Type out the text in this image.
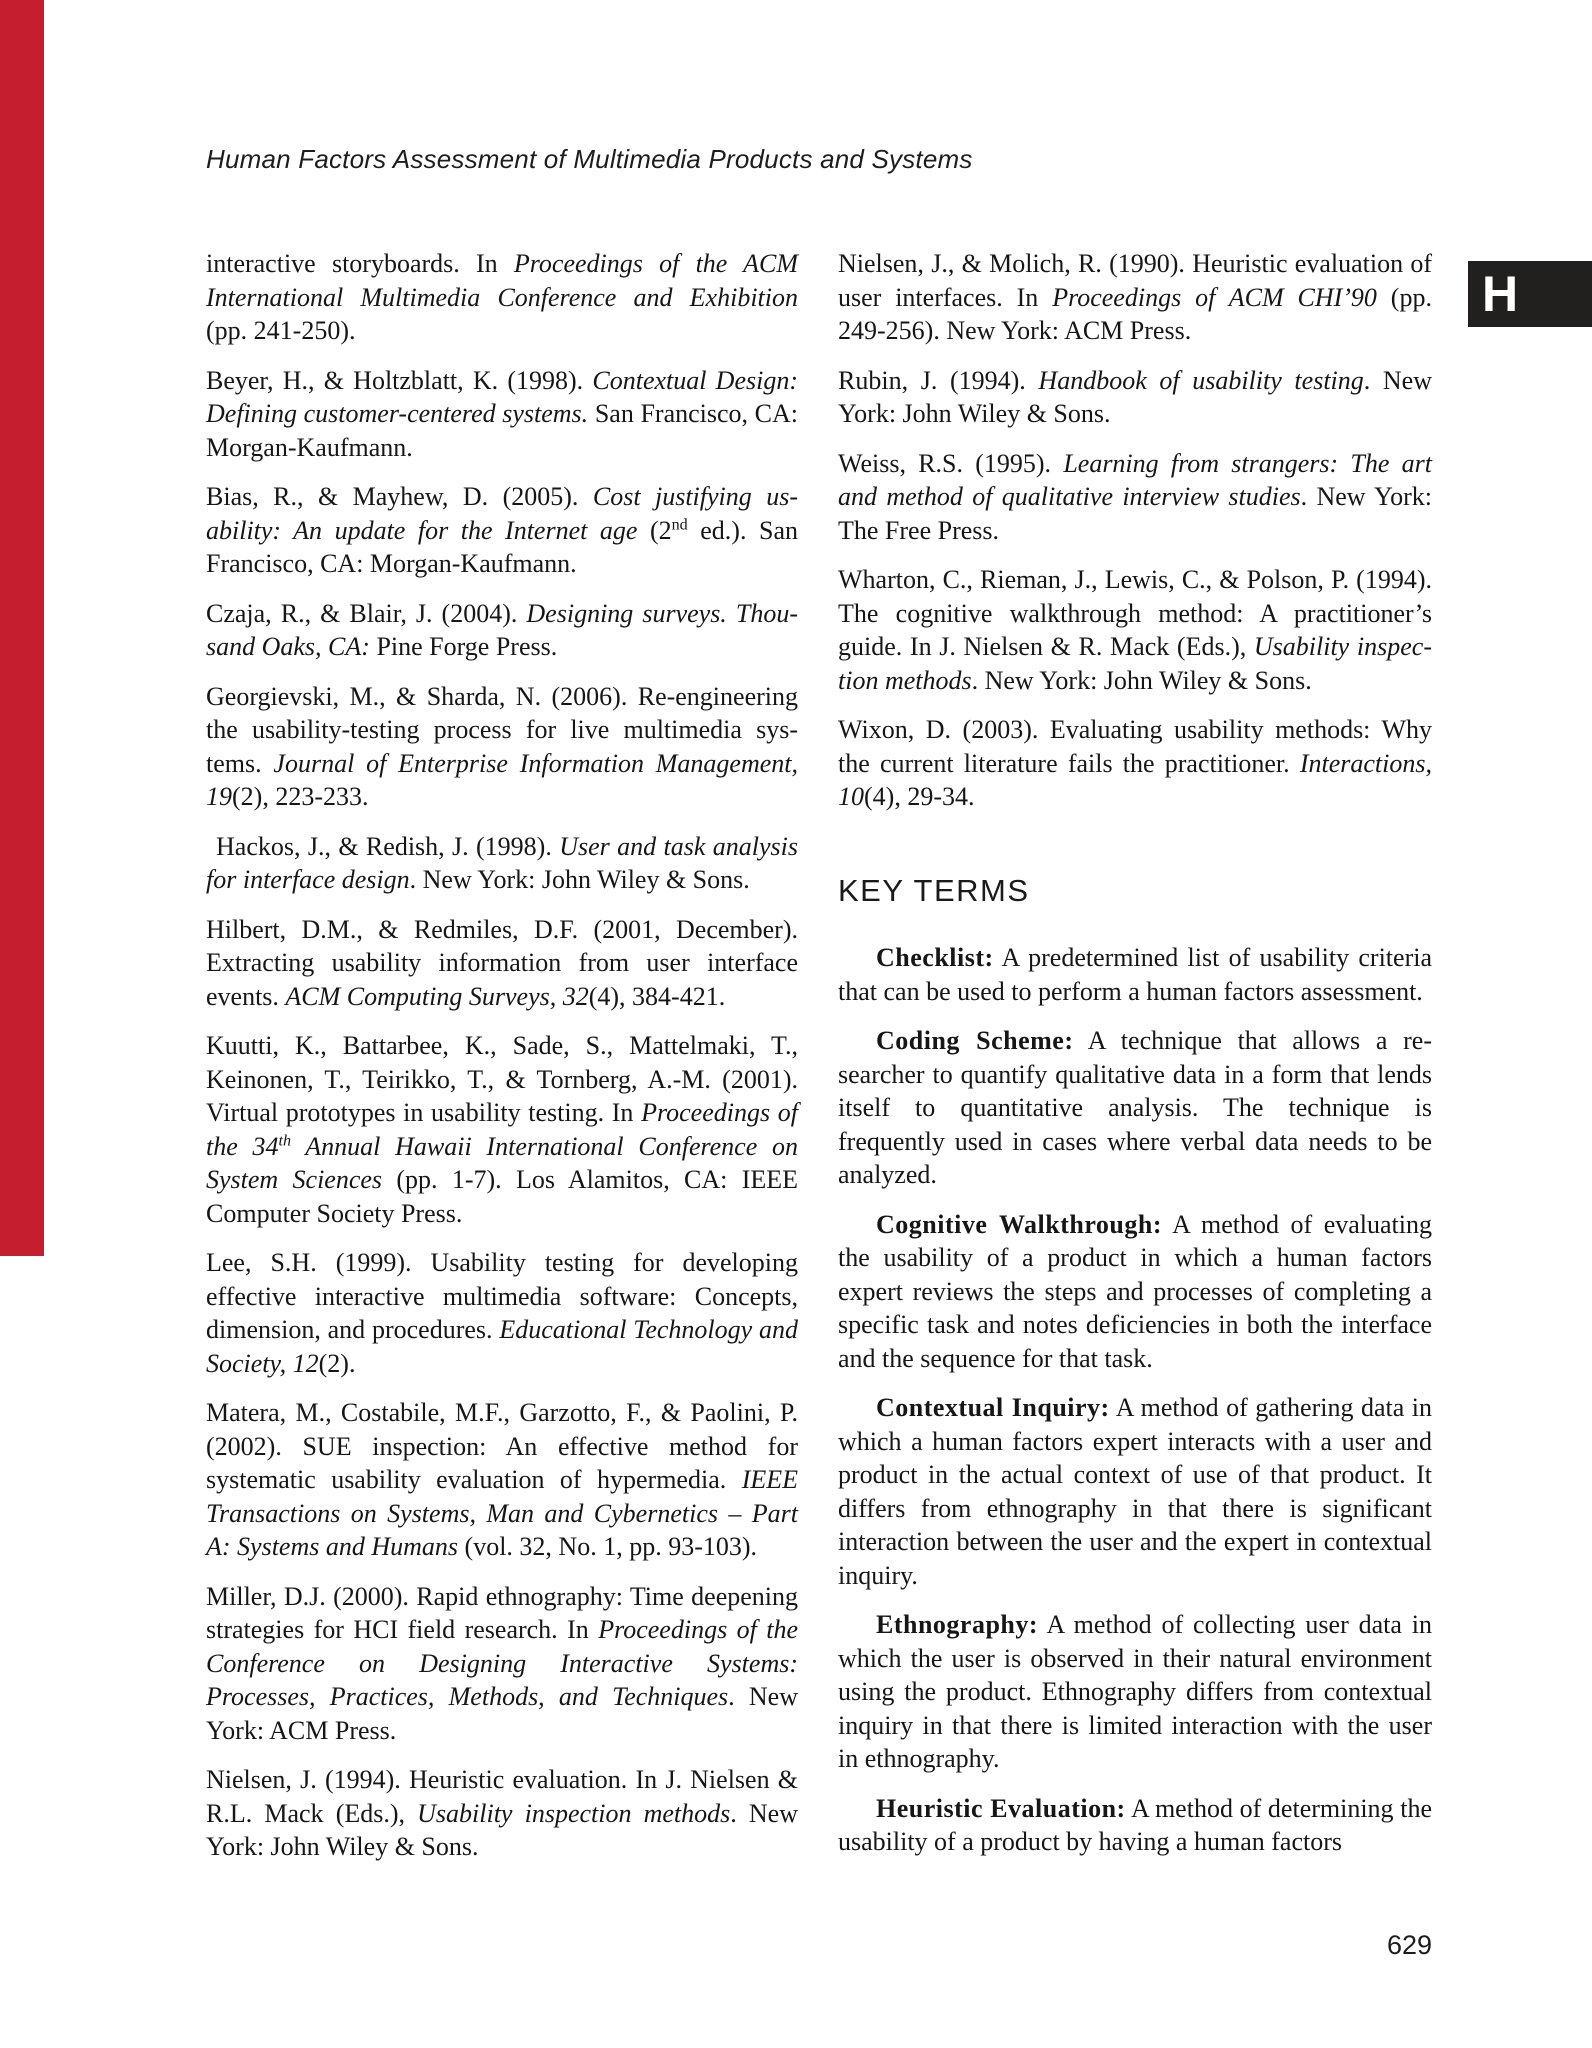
Human Factors Assessment of Multimedia Products and Systems
H

interactive storyboards. In Proceedings of the ACM International Multimedia Conference and Exhibition (pp. 241-250).

Beyer, H., & Holtzblatt, K. (1998). Contextual Design: Defining customer-centered systems. San Francisco, CA: Morgan-Kaufmann.

Bias, R., & Mayhew, D. (2005). Cost justifying usability: An update for the Internet age (2nd ed.). San Francisco, CA: Morgan-Kaufmann.

Czaja, R., & Blair, J. (2004). Designing surveys. Thousand Oaks, CA: Pine Forge Press.

Georgievski, M., & Sharda, N. (2006). Re-engineering the usability-testing process for live multimedia systems. Journal of Enterprise Information Management, 19(2), 223-233.

Hackos, J., & Redish, J. (1998). User and task analysis for interface design. New York: John Wiley & Sons.

Hilbert, D.M., & Redmiles, D.F. (2001, December). Extracting usability information from user interface events. ACM Computing Surveys, 32(4), 384-421.

Kuutti, K., Battarbee, K., Sade, S., Mattelmaki, T., Keinonen, T., Teirikko, T., & Tornberg, A.-M. (2001). Virtual prototypes in usability testing. In Proceedings of the 34th Annual Hawaii International Conference on System Sciences (pp. 1-7). Los Alamitos, CA: IEEE Computer Society Press.

Lee, S.H. (1999). Usability testing for developing effective interactive multimedia software: Concepts, dimension, and procedures. Educational Technology and Society, 12(2).

Matera, M., Costabile, M.F., Garzotto, F., & Paolini, P. (2002). SUE inspection: An effective method for systematic usability evaluation of hypermedia. IEEE Transactions on Systems, Man and Cybernetics – Part A: Systems and Humans (vol. 32, No. 1, pp. 93-103).

Miller, D.J. (2000). Rapid ethnography: Time deepening strategies for HCI field research. In Proceedings of the Conference on Designing Interactive Systems: Processes, Practices, Methods, and Techniques. New York: ACM Press.

Nielsen, J. (1994). Heuristic evaluation. In J. Nielsen & R.L. Mack (Eds.), Usability inspection methods. New York: John Wiley & Sons.

Nielsen, J., & Molich, R. (1990). Heuristic evaluation of user interfaces. In Proceedings of ACM CHI’90 (pp. 249-256). New York: ACM Press.

Rubin, J. (1994). Handbook of usability testing. New York: John Wiley & Sons.

Weiss, R.S. (1995). Learning from strangers: The art and method of qualitative interview studies. New York: The Free Press.

Wharton, C., Rieman, J., Lewis, C., & Polson, P. (1994). The cognitive walkthrough method: A practitioner’s guide. In J. Nielsen & R. Mack (Eds.), Usability inspection methods. New York: John Wiley & Sons.

Wixon, D. (2003). Evaluating usability methods: Why the current literature fails the practitioner. Interactions, 10(4), 29-34.

KEY TERMS

Checklist: A predetermined list of usability criteria that can be used to perform a human factors assessment.

Coding Scheme: A technique that allows a researcher to quantify qualitative data in a form that lends itself to quantitative analysis. The technique is frequently used in cases where verbal data needs to be analyzed.

Cognitive Walkthrough: A method of evaluating the usability of a product in which a human factors expert reviews the steps and processes of completing a specific task and notes deficiencies in both the interface and the sequence for that task.

Contextual Inquiry: A method of gathering data in which a human factors expert interacts with a user and product in the actual context of use of that product. It differs from ethnography in that there is significant interaction between the user and the expert in contextual inquiry.

Ethnography: A method of collecting user data in which the user is observed in their natural environment using the product. Ethnography differs from contextual inquiry in that there is limited interaction with the user in ethnography.

Heuristic Evaluation: A method of determining the usability of a product by having a human factors

629
